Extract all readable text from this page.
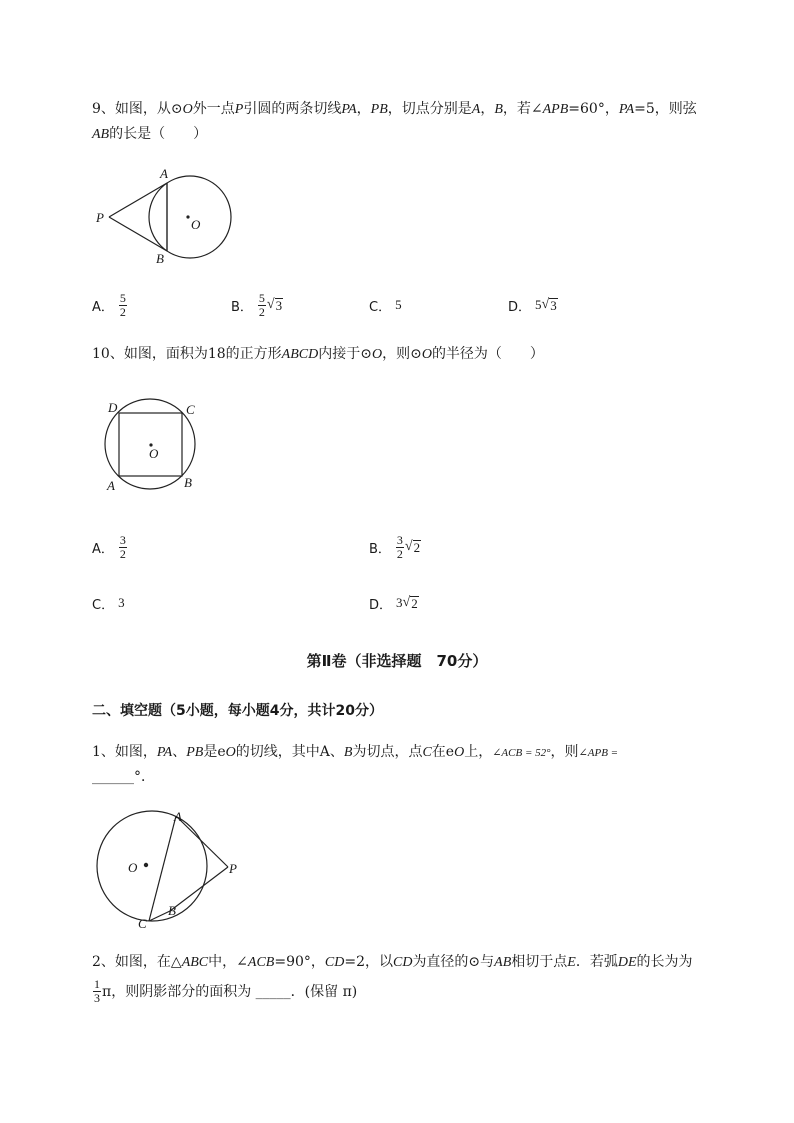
9、如图，从⊙O外一点P引圆的两条切线PA，PB，切点分别是A，B，若∠APB=60°，PA=5，则弦
AB的长是（　　）
A
B
P	O
A． $\frac{5}{2}$	B． $\frac{5}{2}$ √ 3	C． 5	D． 5 √ 3
10、如图，面积为18的正方形ABCD内接于⊙O，则⊙O的半径为（　　）
D	C
A	B
O
A． $\frac{3}{2}$	B． $\frac{3}{2}$ √ 2
C． 3	D． 3 √ 2
第Ⅱ卷（非选择题　70分）
二、填空题（5小题，每小题4分，共计20分）
1、如图，PA、PB是eO的切线，其中A、B为切点，点C在eO上，∠ACB = 52°，则∠APB =
______°．
A
B
C
P
O
2、如图，在△ABC中，∠ACB=90°，CD=2，以CD为直径的⊙与AB相切于点E．若弧DE的长为为
$\frac{1}{3}$ π，则阴影部分的面积为 _____．(保留 π)
